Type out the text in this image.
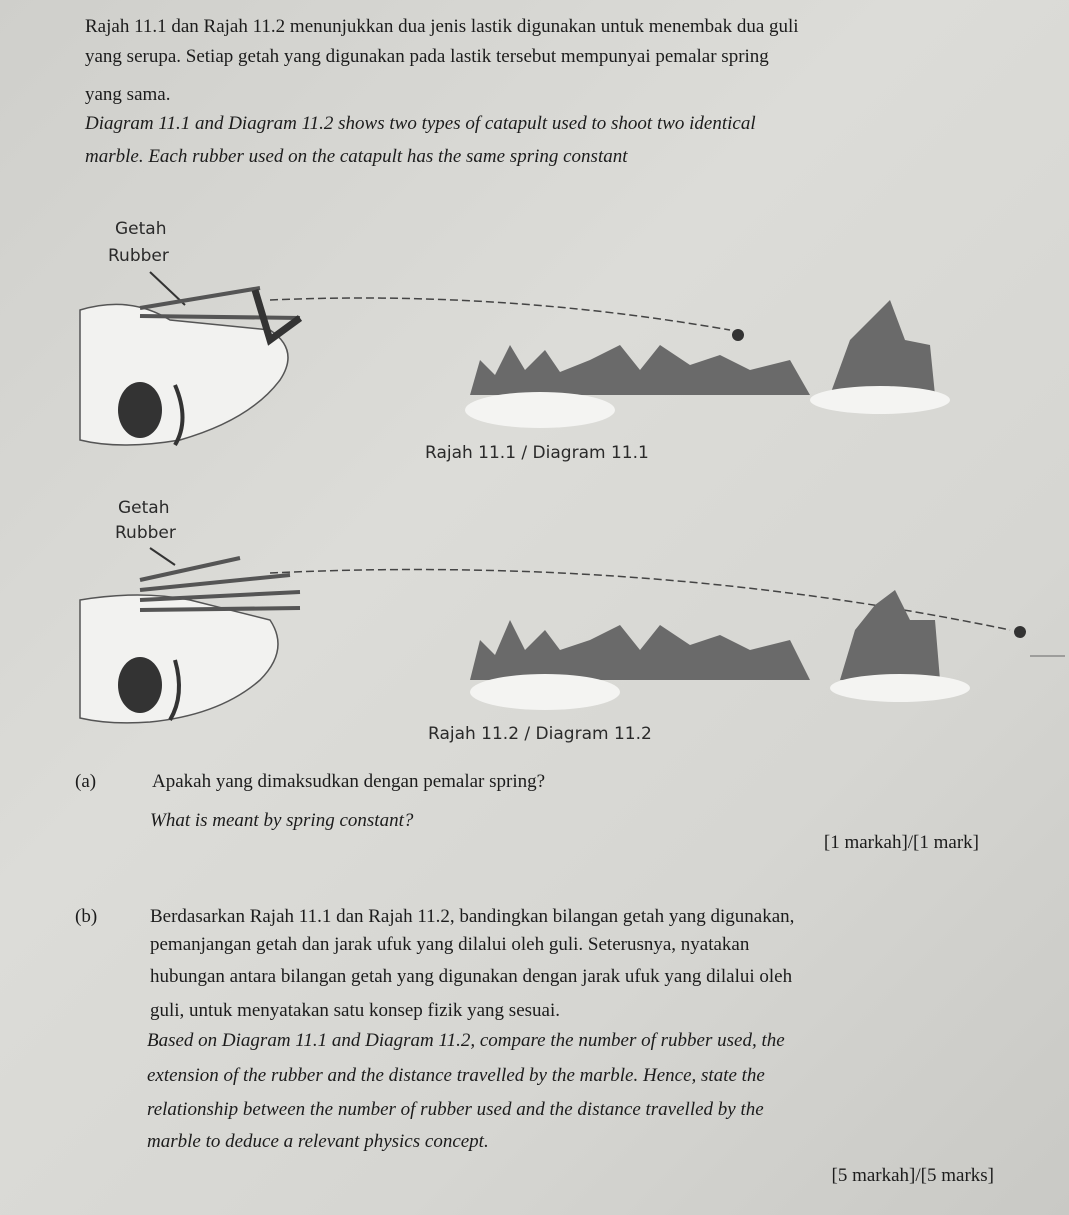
Rajah 11.1 dan Rajah 11.2 menunjukkan dua jenis lastik digunakan untuk menembak dua guli
yang serupa. Setiap getah yang digunakan pada lastik tersebut mempunyai pemalar spring
yang sama.
Diagram 11.1 and Diagram 11.2 shows two types of catapult used to shoot two identical
marble. Each rubber used on the catapult has the same spring constant
Getah
Rubber
Rajah 11.1 / Diagram 11.1
Getah
Rubber
Rajah 11.2 / Diagram 11.2
(a)	Apakah yang dimaksudkan dengan pemalar spring?
What is meant by spring constant?
[1 markah]/[1 mark]
(b)	Berdasarkan Rajah 11.1 dan Rajah 11.2, bandingkan bilangan getah yang digunakan,
pemanjangan getah dan jarak ufuk yang dilalui oleh guli. Seterusnya, nyatakan
hubungan antara bilangan getah yang digunakan dengan jarak ufuk yang dilalui oleh
guli, untuk menyatakan satu konsep fizik yang sesuai.
Based on Diagram 11.1 and Diagram 11.2, compare the number of rubber used, the
extension of the rubber and the distance travelled by the marble. Hence, state the
relationship between the number of rubber used and the distance travelled by the
marble to deduce a relevant physics concept.
[5 markah]/[5 marks]
